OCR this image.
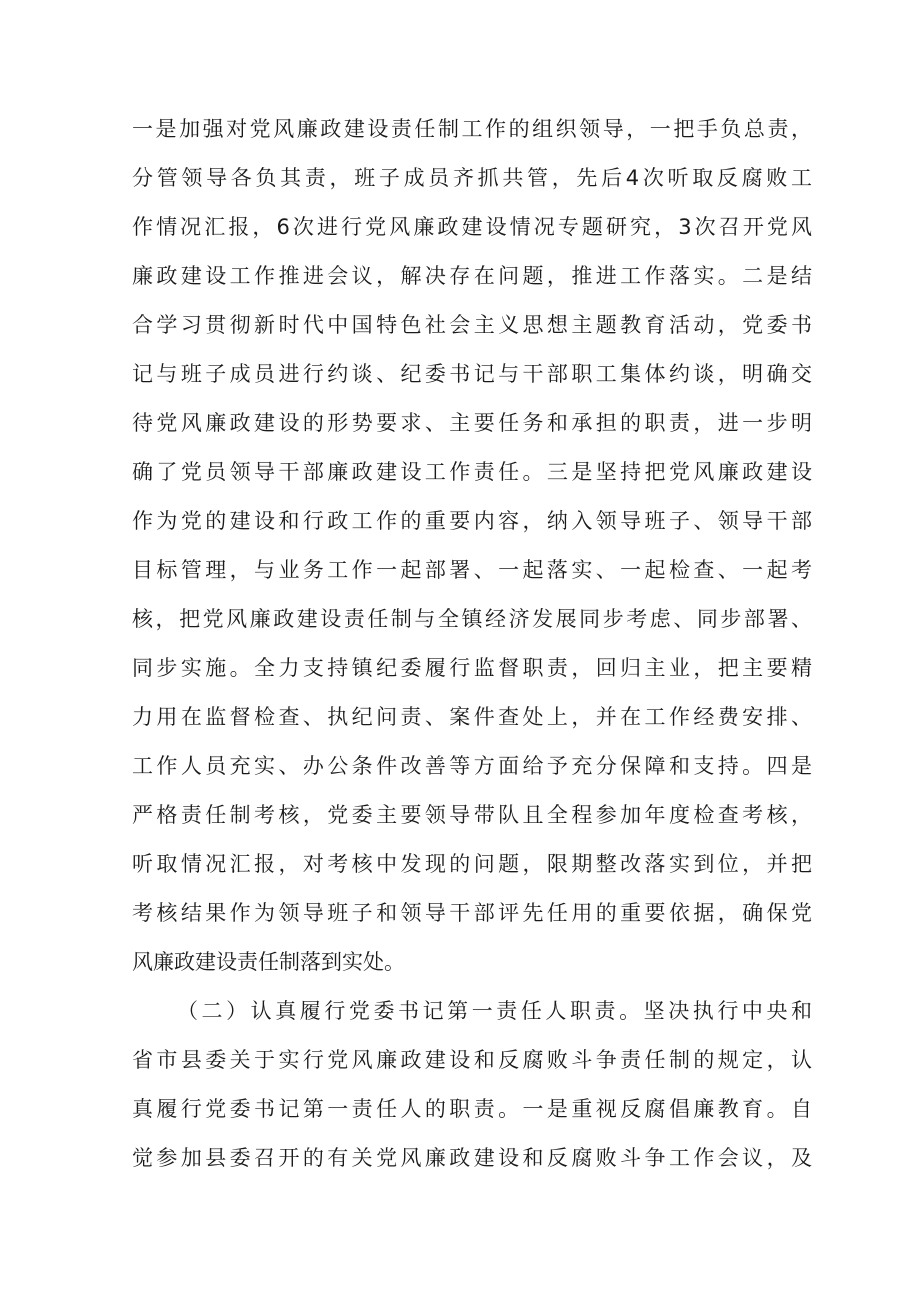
一是加强对党风廉政建设责任制工作的组织领导，一把手负总责，
分管领导各负其责，班子成员齐抓共管，先后4次听取反腐败工
作情况汇报，6次进行党风廉政建设情况专题研究，3次召开党风
廉政建设工作推进会议，解决存在问题，推进工作落实。二是结
合学习贯彻新时代中国特色社会主义思想主题教育活动，党委书
记与班子成员进行约谈、纪委书记与干部职工集体约谈，明确交
待党风廉政建设的形势要求、主要任务和承担的职责，进一步明
确了党员领导干部廉政建设工作责任。三是坚持把党风廉政建设
作为党的建设和行政工作的重要内容，纳入领导班子、领导干部
目标管理，与业务工作一起部署、一起落实、一起检查、一起考
核，把党风廉政建设责任制与全镇经济发展同步考虑、同步部署、
同步实施。全力支持镇纪委履行监督职责，回归主业，把主要精
力用在监督检查、执纪问责、案件查处上，并在工作经费安排、
工作人员充实、办公条件改善等方面给予充分保障和支持。四是
严格责任制考核，党委主要领导带队且全程参加年度检查考核，
听取情况汇报，对考核中发现的问题，限期整改落实到位，并把
考核结果作为领导班子和领导干部评先任用的重要依据，确保党
风廉政建设责任制落到实处。
（二）认真履行党委书记第一责任人职责。坚决执行中央和
省市县委关于实行党风廉政建设和反腐败斗争责任制的规定，认
真履行党委书记第一责任人的职责。一是重视反腐倡廉教育。自
觉参加县委召开的有关党风廉政建设和反腐败斗争工作会议，及
